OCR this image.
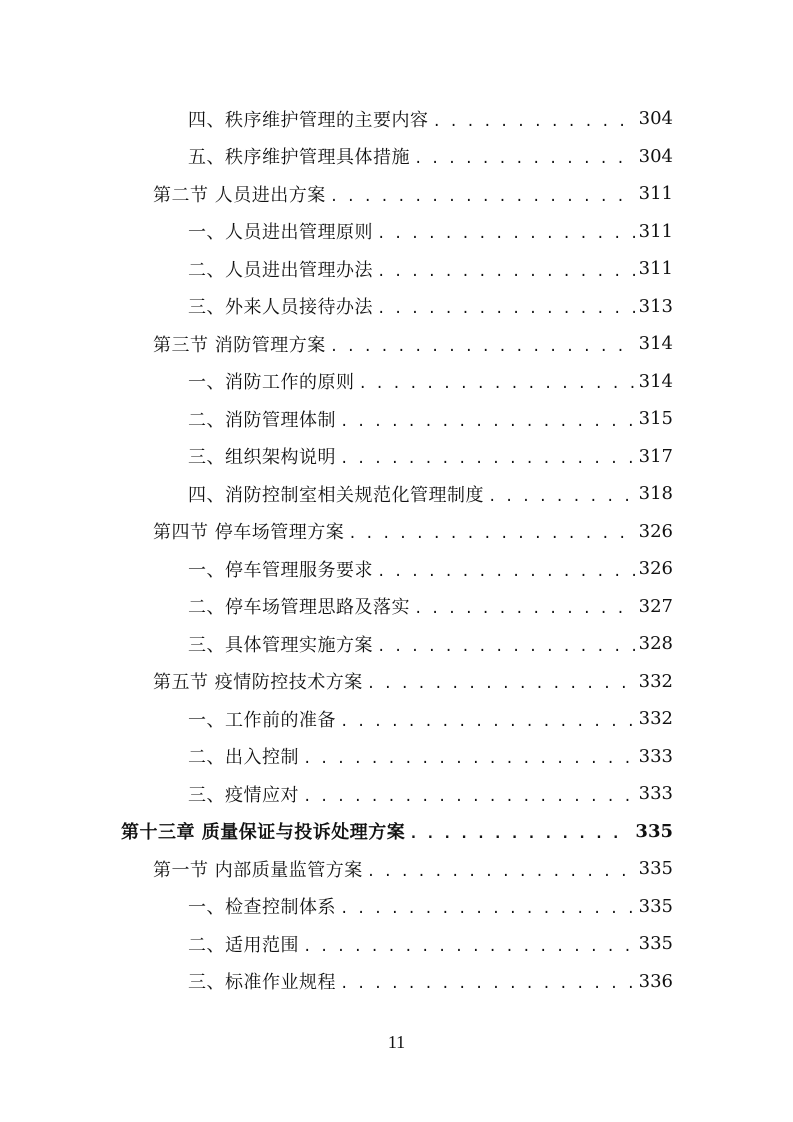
四、秩序维护管理的主要内容 . . .	304
五、秩序维护管理具体措施 . . .	304
第二节 人员进出方案 . . .	311
一、人员进出管理原则 . . .	311
二、人员进出管理办法 . . .	311
三、外来人员接待办法 . . .	313
第三节 消防管理方案 . . .	314
一、消防工作的原则 . . .	314
二、消防管理体制 . . .	315
三、组织架构说明 . . .	317
四、消防控制室相关规范化管理制度 . . .	318
第四节 停车场管理方案 . . .	326
一、停车管理服务要求 . . .	326
二、停车场管理思路及落实 . . .	327
三、具体管理实施方案 . . .	328
第五节 疫情防控技术方案 . . .	332
一、工作前的准备 . . .	332
二、出入控制 . . .	333
三、疫情应对 . . .	333
第十三章 质量保证与投诉处理方案 . . .	335
第一节 内部质量监管方案 . . .	335
一、检查控制体系 . . .	335
二、适用范围 . . .	335
三、标准作业规程 . . .	336
11
